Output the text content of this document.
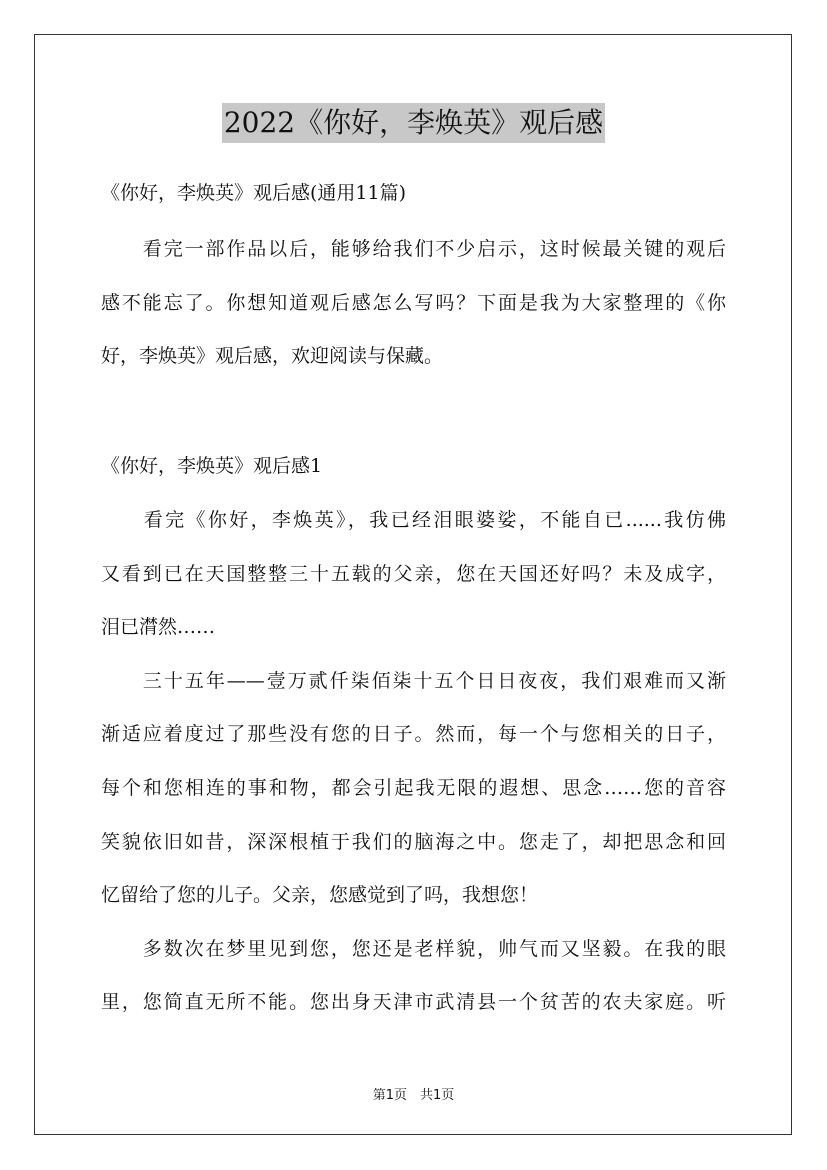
2022《你好，李焕英》观后感
《你好，李焕英》观后感(通用11篇)
　　看完一部作品以后，能够给我们不少启示，这时候最关键的观后
感不能忘了。你想知道观后感怎么写吗？下面是我为大家整理的《你
好，李焕英》观后感，欢迎阅读与保藏。
《你好，李焕英》观后感1
　　看完《你好，李焕英》，我已经泪眼婆娑，不能自已......我仿佛
又看到已在天国整整三十五载的父亲，您在天国还好吗？未及成字，
泪已潸然……
　　三十五年——壹万贰仟柒佰柒十五个日日夜夜，我们艰难而又渐
渐适应着度过了那些没有您的日子。然而，每一个与您相关的日子，
每个和您相连的事和物，都会引起我无限的遐想、思念……您的音容
笑貌依旧如昔，深深根植于我们的脑海之中。您走了，却把思念和回
忆留给了您的儿子。父亲，您感觉到了吗，我想您！
　　多数次在梦里见到您，您还是老样貌，帅气而又坚毅。在我的眼
里，您简直无所不能。您出身天津市武清县一个贫苦的农夫家庭。听
第1页　共1页
